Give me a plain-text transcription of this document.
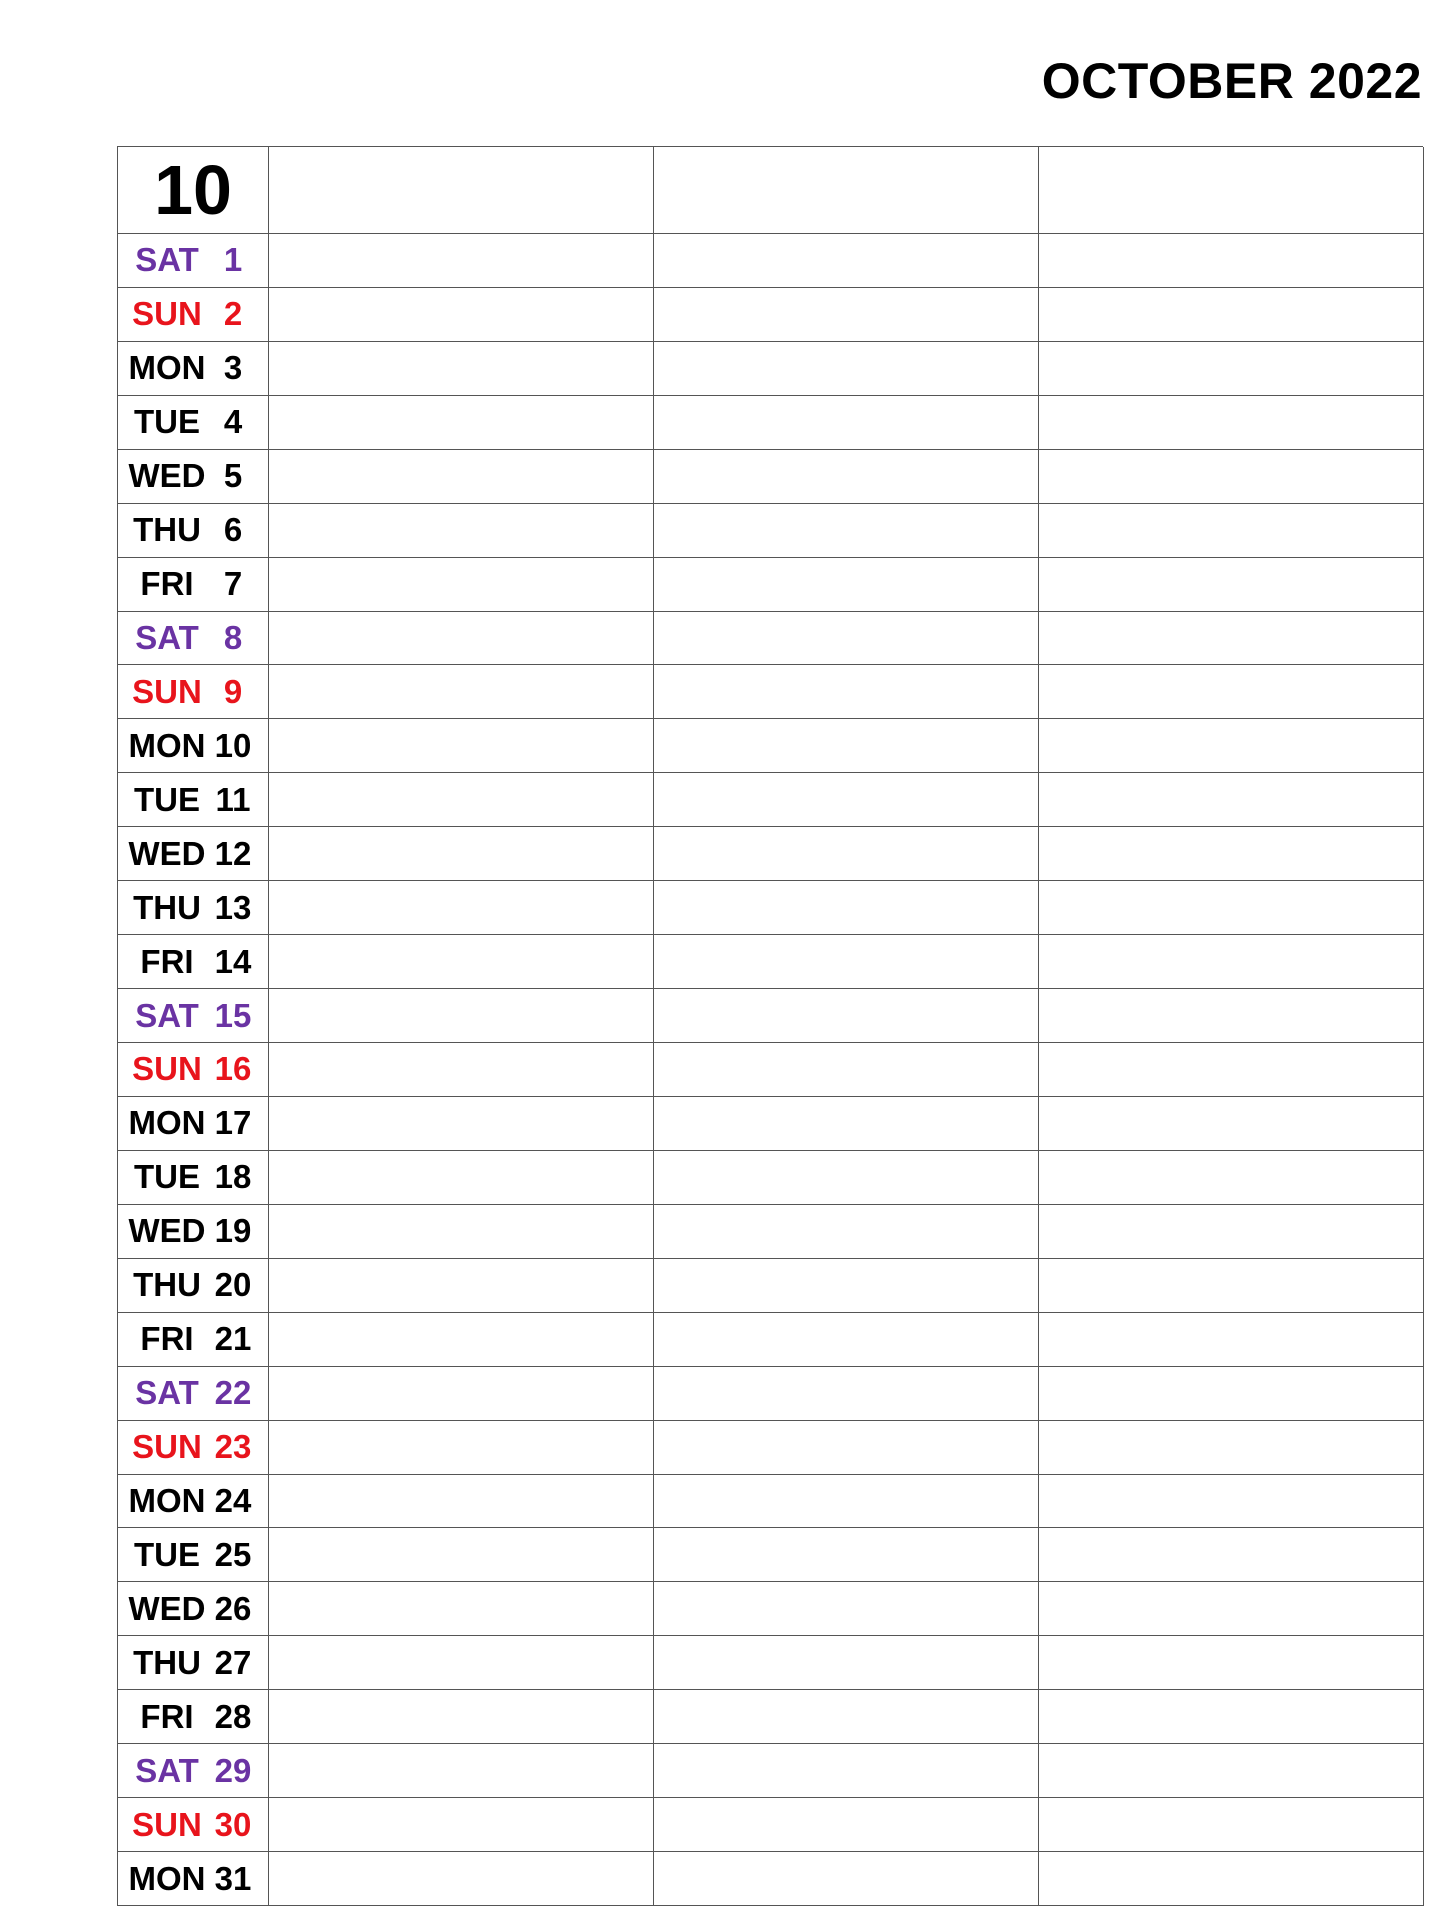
OCTOBER 2022
10
SAT 1
SUN 2
MON 3
TUE 4
WED 5
THU 6
FRI 7
SAT 8
SUN 9
MON 10
TUE 11
WED 12
THU 13
FRI 14
SAT 15
SUN 16
MON 17
TUE 18
WED 19
THU 20
FRI 21
SAT 22
SUN 23
MON 24
TUE 25
WED 26
THU 27
FRI 28
SAT 29
SUN 30
MON 31
